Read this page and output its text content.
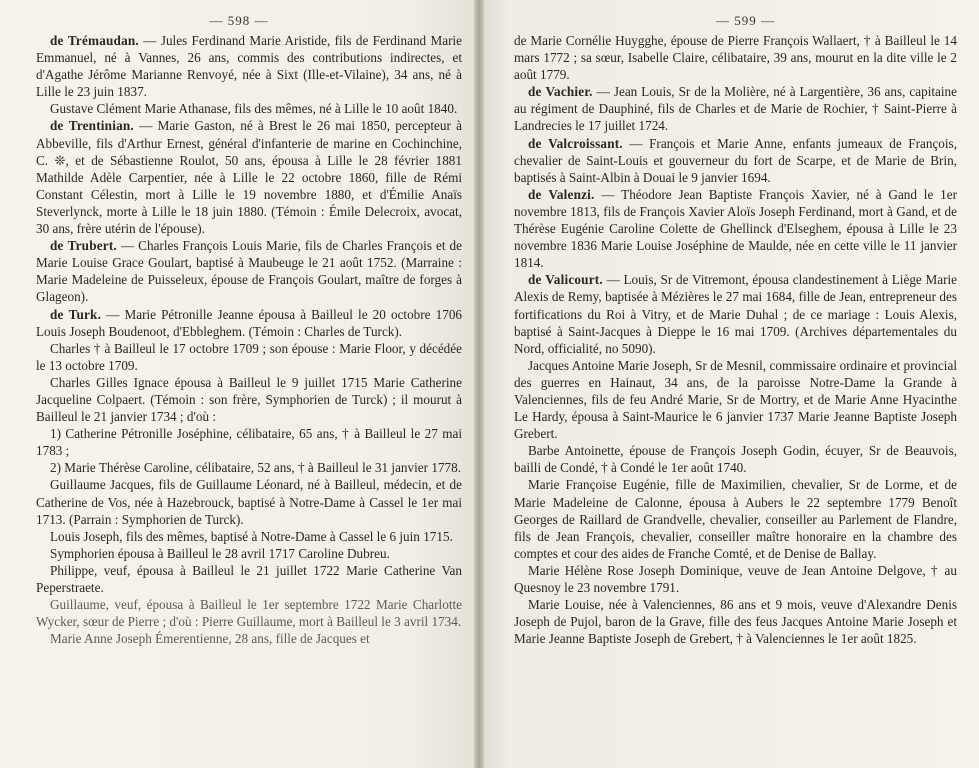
— 598 —

de Trémaudan. — Jules Ferdinand Marie Aristide, fils de Ferdinand Marie Emmanuel, né à Vannes, 26 ans, commis des contributions indirectes, et d'Agathe Jérôme Marianne Renvoyé, née à Sixt (Ille-et-Vilaine), 34 ans, né à Lille le 23 juin 1837.

Gustave Clément Marie Athanase, fils des mêmes, né à Lille le 10 août 1840.

de Trentinian. — Marie Gaston, né à Brest le 26 mai 1850, percepteur à Abbeville, fils d'Arthur Ernest, général d'infanterie de marine en Cochinchine, C. ❊, et de Sébastienne Roulot, 50 ans, épousa à Lille le 28 février 1881 Mathilde Adèle Carpentier, née à Lille le 22 octobre 1860, fille de Rémi Constant Célestin, mort à Lille le 19 novembre 1880, et d'Émilie Anaïs Steverlynck, morte à Lille le 18 juin 1880. (Témoin : Émile Delecroix, avocat, 30 ans, frère utérin de l'épouse).

de Trubert. — Charles François Louis Marie, fils de Charles François et de Marie Louise Grace Goulart, baptisé à Maubeuge le 21 août 1752. (Marraine : Marie Madeleine de Puisseleux, épouse de François Goulart, maître de forges à Glageon).

de Turk. — Marie Pétronille Jeanne épousa à Bailleul le 20 octobre 1706 Louis Joseph Boudenoot, d'Ebbleghem. (Témoin : Charles de Turck).

Charles † à Bailleul le 17 octobre 1709 ; son épouse : Marie Floor, y décédée le 13 octobre 1709.

Charles Gilles Ignace épousa à Bailleul le 9 juillet 1715 Marie Catherine Jacqueline Colpaert. (Témoin : son frère, Symphorien de Turck) ; il mourut à Bailleul le 21 janvier 1734 ; d'où :

1) Catherine Pétronille Joséphine, célibataire, 65 ans, † à Bailleul le 27 mai 1783 ;

2) Marie Thérèse Caroline, célibataire, 52 ans, † à Bailleul le 31 janvier 1778.

Guillaume Jacques, fils de Guillaume Léonard, né à Bailleul, médecin, et de Catherine de Vos, née à Hazebrouck, baptisé à Notre-Dame à Cassel le 1er mai 1713. (Parrain : Symphorien de Turck).

Louis Joseph, fils des mêmes, baptisé à Notre-Dame à Cassel le 6 juin 1715.

Symphorien épousa à Bailleul le 28 avril 1717 Caroline Dubreu.

Philippe, veuf, épousa à Bailleul le 21 juillet 1722 Marie Catherine Van Peperstraete.

Guillaume, veuf, épousa à Bailleul le 1er septembre 1722 Marie Charlotte Wycker, sœur de Pierre ; d'où : Pierre Guillaume, mort à Bailleul le 3 avril 1734.

Marie Anne Joseph Émerentienne, 28 ans, fille de Jacques et

— 599 —

de Marie Cornélie Huygghe, épouse de Pierre François Wallaert, † à Bailleul le 14 mars 1772 ; sa sœur, Isabelle Claire, célibataire, 39 ans, mourut en la dite ville le 2 août 1779.

de Vachier. — Jean Louis, Sr de la Molière, né à Largentière, 36 ans, capitaine au régiment de Dauphiné, fils de Charles et de Marie de Rochier, † Saint-Pierre à Landrecies le 17 juillet 1724.

de Valcroissant. — François et Marie Anne, enfants jumeaux de François, chevalier de Saint-Louis et gouverneur du fort de Scarpe, et de Marie de Brin, baptisés à Saint-Albin à Douai le 9 janvier 1694.

de Valenzi. — Théodore Jean Baptiste François Xavier, né à Gand le 1er novembre 1813, fils de François Xavier Aloïs Joseph Ferdinand, mort à Gand, et de Thérèse Eugénie Caroline Colette de Ghellinck d'Elseghem, épousa à Lille le 23 novembre 1836 Marie Louise Joséphine de Maulde, née en cette ville le 11 janvier 1814.

de Valicourt. — Louis, Sr de Vitremont, épousa clandestinement à Liège Marie Alexis de Remy, baptisée à Mézières le 27 mai 1684, fille de Jean, entrepreneur des fortifications du Roi à Vitry, et de Marie Duhal ; de ce mariage : Louis Alexis, baptisé à Saint-Jacques à Dieppe le 16 mai 1709. (Archives départementales du Nord, officialité, no 5090).

Jacques Antoine Marie Joseph, Sr de Mesnil, commissaire ordinaire et provincial des guerres en Hainaut, 34 ans, de la paroisse Notre-Dame la Grande à Valenciennes, fils de feu André Marie, Sr de Mortry, et de Marie Anne Hyacinthe Le Hardy, épousa à Saint-Maurice le 6 janvier 1737 Marie Jeanne Baptiste Joseph Grebert.

Barbe Antoinette, épouse de François Joseph Godin, écuyer, Sr de Beauvois, bailli de Condé, † à Condé le 1er août 1740.

Marie Françoise Eugénie, fille de Maximilien, chevalier, Sr de Lorme, et de Marie Madeleine de Calonne, épousa à Aubers le 22 septembre 1779 Benoît Georges de Raillard de Grandvelle, chevalier, conseiller au Parlement de Flandre, fils de Jean François, chevalier, conseiller maître honoraire en la chambre des comptes et cour des aides de Franche Comté, et de Denise de Ballay.

Marie Hélène Rose Joseph Dominique, veuve de Jean Antoine Delgove, † au Quesnoy le 23 novembre 1791.

Marie Louise, née à Valenciennes, 86 ans et 9 mois, veuve d'Alexandre Denis Joseph de Pujol, baron de la Grave, fille des feus Jacques Antoine Marie Joseph et Marie Jeanne Baptiste Joseph de Grebert, † à Valenciennes le 1er août 1825.
